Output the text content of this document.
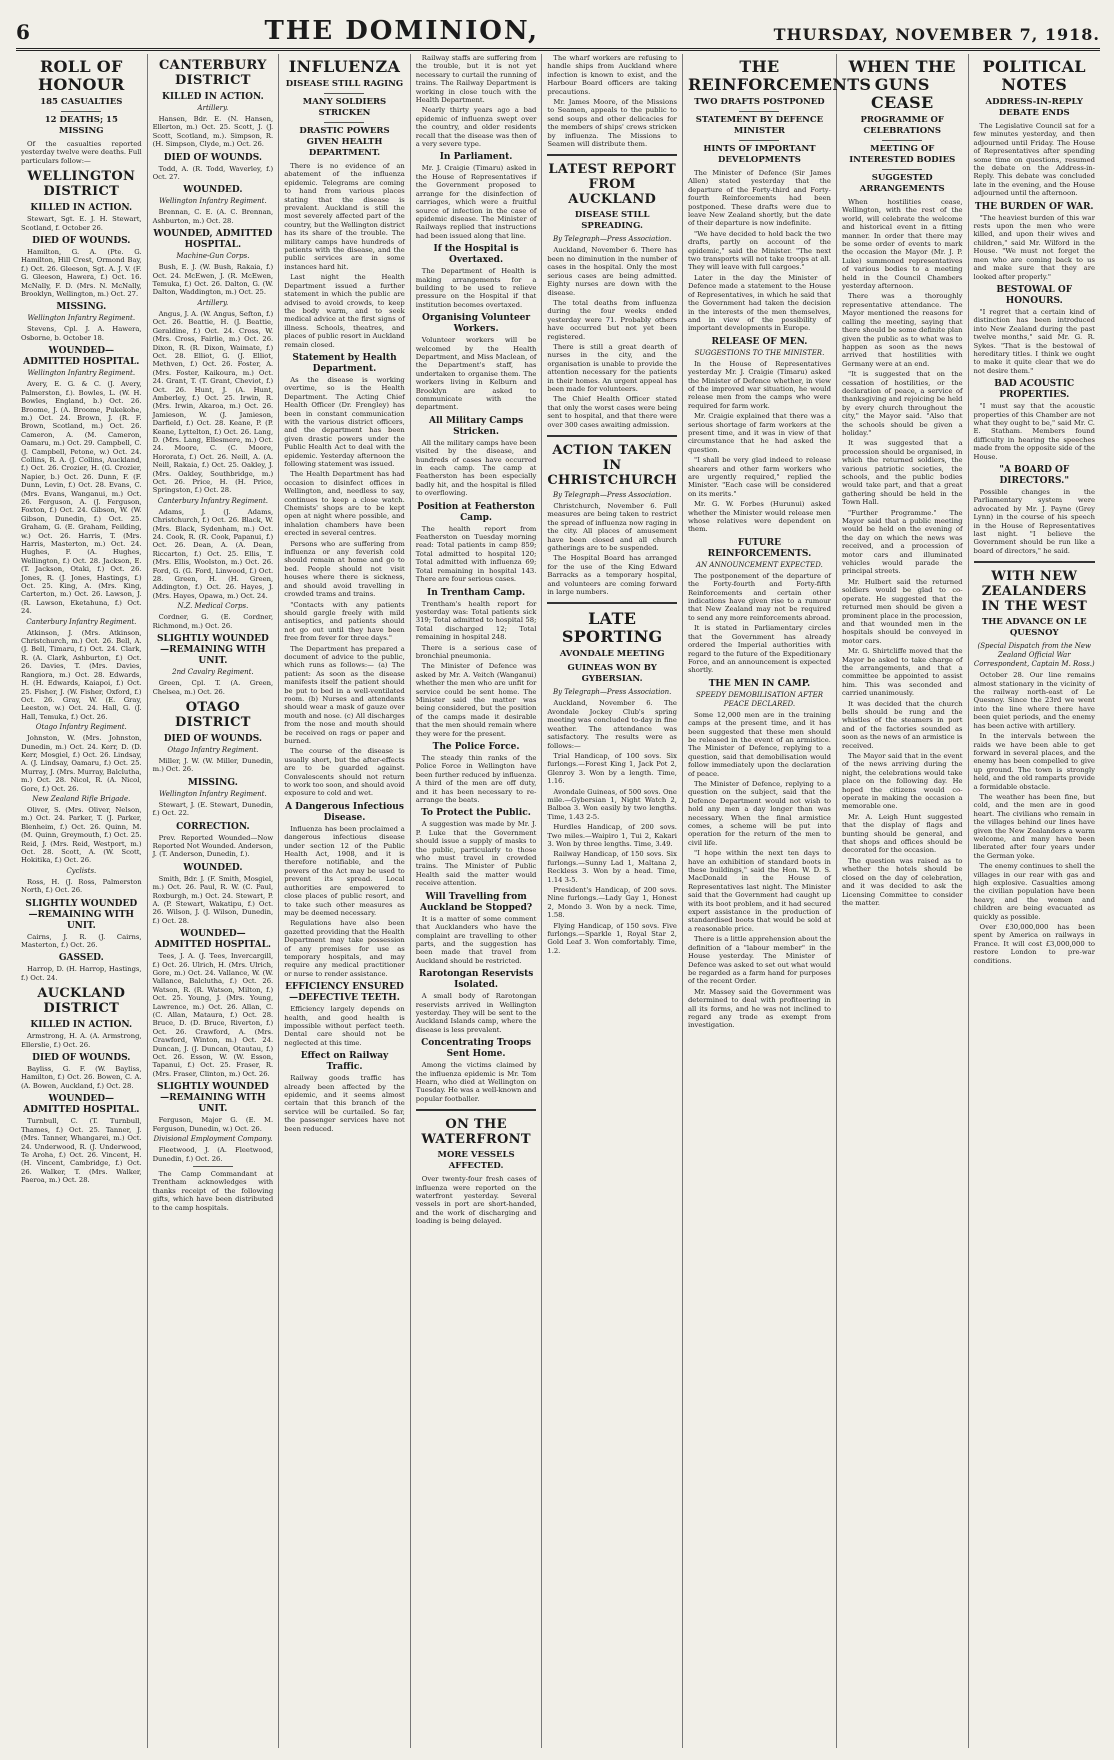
6	THE DOMINION,	THURSDAY, NOVEMBER 7, 1918.
ROLL OF HONOUR
185 CASUALTIES
12 DEATHS; 15 MISSING

Of the casualties reported yesterday twelve were deaths. Full particulars follow:—

WELLINGTON DISTRICT
KILLED IN ACTION.

Stewart, Sgt. E. J. H. Stewart, Scotland, f. October 26.

DIED OF WOUNDS.

Hamilton, G. A. (Pte. G. Hamilton, Hill Crest, Ormond Bay, f.) Oct. 26. Gleeson, Sgt. A. J. V. (F. G. Gleeson, Hawera, f.) Oct. 16. McNally, F. D. (Mrs. N. McNally, Brooklyn, Wellington, m.) Oct. 27.

MISSING.
Wellington Infantry Regiment.

Stevens, Cpl. J. A. Hawera, Osborne, b. October 18.

WOUNDED—ADMITTED HOSPITAL.
Wellington Infantry Regiment.

Avery, E. G. & C. (J. Avery, Palmerston, f.). Bowles, L. (W. H. Bowles, England, b.) Oct. 26. Broome, J. (A. Broome, Pukekohe, m.) Oct. 24. Brown, J. (R. F. Brown, Scotland, m.) Oct. 26. Cameron, A. (M. Cameron, Oamaru, m.) Oct. 29. Campbell, C. (J. Campbell, Petone, w.) Oct. 24. Collins, R. A. (J. Collins, Auckland, f.) Oct. 26. Crozier, H. (G. Crozier, Napier, b.) Oct. 26. Dunn, F. (F. Dunn, Levin, f.) Oct. 28. Evans, C. (Mrs. Evans, Wanganui, m.) Oct. 26. Ferguson, A. (J. Ferguson, Foxton, f.) Oct. 24. Gibson, W. (W. Gibson, Dunedin, f.) Oct. 25. Graham, G. (E. Graham, Feilding, w.) Oct. 26. Harris, T. (Mrs. Harris, Masterton, m.) Oct. 24. Hughes, F. (A. Hughes, Wellington, f.) Oct. 28. Jackson, E. (T. Jackson, Otaki, f.) Oct. 26. Jones, R. (J. Jones, Hastings, f.) Oct. 25. King, A. (Mrs. King, Carterton, m.) Oct. 26. Lawson, J. (R. Lawson, Eketahuna, f.) Oct. 24.

Canterbury Infantry Regiment.

Atkinson, J. (Mrs. Atkinson, Christchurch, m.) Oct. 26. Bell, A. (J. Bell, Timaru, f.) Oct. 24. Clark, R. (A. Clark, Ashburton, f.) Oct. 26. Davies, T. (Mrs. Davies, Rangiora, m.) Oct. 28. Edwards, H. (H. Edwards, Kaiapoi, f.) Oct. 25. Fisher, J. (W. Fisher, Oxford, f.) Oct. 26. Gray, W. (E. Gray, Leeston, w.) Oct. 24. Hall, G. (J. Hall, Temuka, f.) Oct. 26.

Otago Infantry Regiment.

Johnston, W. (Mrs. Johnston, Dunedin, m.) Oct. 24. Kerr, D. (D. Kerr, Mosgiel, f.) Oct. 26. Lindsay, A. (J. Lindsay, Oamaru, f.) Oct. 25. Murray, J. (Mrs. Murray, Balclutha, m.) Oct. 28. Nicol, R. (A. Nicol, Gore, f.) Oct. 26.

New Zealand Rifle Brigade.

Oliver, S. (Mrs. Oliver, Nelson, m.) Oct. 24. Parker, T. (J. Parker, Blenheim, f.) Oct. 26. Quinn, M. (M. Quinn, Greymouth, f.) Oct. 25. Reid, J. (Mrs. Reid, Westport, m.) Oct. 28. Scott, A. (W. Scott, Hokitika, f.) Oct. 26.

Cyclists.

Ross, H. (J. Ross, Palmerston North, f.) Oct. 26.

SLIGHTLY WOUNDED—REMAINING WITH UNIT.

Cairns, J. R. (J. Cairns, Masterton, f.) Oct. 26.

GASSED.

Harrop, D. (H. Harrop, Hastings, f.) Oct. 24.

AUCKLAND DISTRICT
KILLED IN ACTION.

Armstrong, H. A. (A. Armstrong, Ellerslie, f.) Oct. 26.

DIED OF WOUNDS.

Bayliss, G. F. (W. Bayliss, Hamilton, f.) Oct. 26. Bowen, C. A. (A. Bowen, Auckland, f.) Oct. 28.

WOUNDED—ADMITTED HOSPITAL.

Turnbull, C. (T. Turnbull, Thames, f.) Oct. 25. Tanner, J. (Mrs. Tanner, Whangarei, m.) Oct. 24. Underwood, R. (J. Underwood, Te Aroha, f.) Oct. 26. Vincent, H. (H. Vincent, Cambridge, f.) Oct. 26. Walker, T. (Mrs. Walker, Paeroa, m.) Oct. 28.

CANTERBURY DISTRICT
KILLED IN ACTION.
Artillery.

Hansen, Bdr. E. (N. Hansen, Ellerton, m.) Oct. 25. Scott, J. (J. Scott, Scotland, m.). Simpson, R. (H. Simpson, Clyde, m.) Oct. 26.

DIED OF WOUNDS.

Todd, A. (R. Todd, Waverley, f.) Oct. 27.

WOUNDED.
Wellington Infantry Regiment.

Brennan, C. E. (A. C. Brennan, Ashburton, m.) Oct. 28.

WOUNDED, ADMITTED HOSPITAL.
Machine-Gun Corps.

Bush, E. J. (W. Bush, Rakaia, f.) Oct. 24. McEwen, J. (R. McEwen, Temuka, f.) Oct. 26. Dalton, G. (W. Dalton, Waddington, m.) Oct. 25.

Artillery.

Angus, J. A. (W. Angus, Sefton, f.) Oct. 26. Beattie, H. (J. Beattie, Geraldine, f.) Oct. 24. Cross, W. (Mrs. Cross, Fairlie, m.) Oct. 26. Dixon, R. (R. Dixon, Waimate, f.) Oct. 28. Elliot, G. (J. Elliot, Methven, f.) Oct. 26. Foster, A. (Mrs. Foster, Kaikoura, m.) Oct. 24. Grant, T. (T. Grant, Cheviot, f.) Oct. 26. Hunt, J. (A. Hunt, Amberley, f.) Oct. 25. Irwin, R. (Mrs. Irwin, Akaroa, m.) Oct. 26. Jamieson, W. (J. Jamieson, Darfield, f.) Oct. 28. Keane, P. (P. Keane, Lyttelton, f.) Oct. 26. Lang, D. (Mrs. Lang, Ellesmere, m.) Oct. 24. Moore, C. (C. Moore, Hororata, f.) Oct. 26. Neill, A. (A. Neill, Rakaia, f.) Oct. 25. Oakley, J. (Mrs. Oakley, Southbridge, m.) Oct. 26. Price, H. (H. Price, Springston, f.) Oct. 28.

Canterbury Infantry Regiment.

Adams, J. (J. Adams, Christchurch, f.) Oct. 26. Black, W. (Mrs. Black, Sydenham, m.) Oct. 24. Cook, R. (R. Cook, Papanui, f.) Oct. 26. Dean, A. (A. Dean, Riccarton, f.) Oct. 25. Ellis, T. (Mrs. Ellis, Woolston, m.) Oct. 26. Ford, G. (G. Ford, Linwood, f.) Oct. 28. Green, H. (H. Green, Addington, f.) Oct. 26. Hayes, J. (Mrs. Hayes, Opawa, m.) Oct. 24.

N.Z. Medical Corps.

Cordner, G. (E. Cordner, Richmond, m.) Oct. 26.

SLIGHTLY WOUNDED—REMAINING WITH UNIT.
2nd Cavalry Regiment.

Green, Cpl. T. (A. Green, Chelsea, m.) Oct. 26.

OTAGO DISTRICT
DIED OF WOUNDS.
Otago Infantry Regiment.

Miller, J. W. (W. Miller, Dunedin, m.) Oct. 26.

MISSING.
Wellington Infantry Regiment.

Stewart, J. (E. Stewart, Dunedin, f.) Oct. 22.

CORRECTION.

Prev. Reported Wounded—Now Reported Not Wounded. Anderson, J. (T. Anderson, Dunedin, f.).

WOUNDED.

Smith, Bdr. J. (F. Smith, Mosgiel, m.) Oct. 26. Paul, R. W. (C. Paul, Roxburgh, m.) Oct. 24. Stewart, P. A. (P. Stewart, Wakatipu, f.) Oct. 26. Wilson, J. (J. Wilson, Dunedin, f.) Oct. 28.

WOUNDED—ADMITTED HOSPITAL.

Tees, J. A. (J. Tees, Invercargill, f.) Oct. 26. Ulrich, H. (Mrs. Ulrich, Gore, m.) Oct. 24. Vallance, W. (W. Vallance, Balclutha, f.) Oct. 26. Watson, R. (R. Watson, Milton, f.) Oct. 25. Young, J. (Mrs. Young, Lawrence, m.) Oct. 26. Allan, C. (C. Allan, Mataura, f.) Oct. 28. Bruce, D. (D. Bruce, Riverton, f.) Oct. 26. Crawford, A. (Mrs. Crawford, Winton, m.) Oct. 24. Duncan, J. (J. Duncan, Otautau, f.) Oct. 26. Esson, W. (W. Esson, Tapanui, f.) Oct. 25. Fraser, R. (Mrs. Fraser, Clinton, m.) Oct. 26.

SLIGHTLY WOUNDED—REMAINING WITH UNIT.

Ferguson, Major G. (E. M. Ferguson, Dunedin, w.) Oct. 26.

Divisional Employment Company.

Fleetwood, J. (A. Fleetwood, Dunedin, f.) Oct. 26.

The Camp Commandant at Trentham acknowledges with thanks receipt of the following gifts, which have been distributed to the camp hospitals.

INFLUENZA
DISEASE STILL RAGING
MANY SOLDIERS STRICKEN
DRASTIC POWERS GIVEN HEALTH DEPARTMENT.

There is no evidence of an abatement of the influenza epidemic. Telegrams are coming to hand from various places stating that the disease is prevalent. Auckland is still the most severely affected part of the country, but the Wellington district has its share of the trouble. The military camps have hundreds of patients with the disease, and the public services are in some instances hard hit.

Last night the Health Department issued a further statement in which the public are advised to avoid crowds, to keep the body warm, and to seek medical advice at the first signs of illness. Schools, theatres, and places of public resort in Auckland remain closed.

Statement by Health Department.

As the disease is working overtime, so is the Health Department. The Acting Chief Health Officer (Dr. Frengley) has been in constant communication with the various district officers, and the department has been given drastic powers under the Public Health Act to deal with the epidemic. Yesterday afternoon the following statement was issued.

The Health Department has had occasion to disinfect offices in Wellington, and, needless to say, continues to keep a close watch. Chemists' shops are to be kept open at night where possible, and inhalation chambers have been erected in several centres.

Persons who are suffering from influenza or any feverish cold should remain at home and go to bed. People should not visit houses where there is sickness, and should avoid travelling in crowded trams and trains.

"Contacts with any patients should gargle freely with mild antiseptics, and patients should not go out until they have been free from fever for three days."

The Department has prepared a document of advice to the public, which runs as follows:— (a) The patient: As soon as the disease manifests itself the patient should be put to bed in a well-ventilated room. (b) Nurses and attendants should wear a mask of gauze over mouth and nose. (c) All discharges from the nose and mouth should be received on rags or paper and burned.

The course of the disease is usually short, but the after-effects are to be guarded against. Convalescents should not return to work too soon, and should avoid exposure to cold and wet.

A Dangerous Infectious Disease.

Influenza has been proclaimed a dangerous infectious disease under section 12 of the Public Health Act, 1908, and it is therefore notifiable, and the powers of the Act may be used to prevent its spread. Local authorities are empowered to close places of public resort, and to take such other measures as may be deemed necessary.

Regulations have also been gazetted providing that the Health Department may take possession of any premises for use as temporary hospitals, and may require any medical practitioner or nurse to render assistance.

EFFICIENCY ENSURED—DEFECTIVE TEETH.

Efficiency largely depends on health, and good health is impossible without perfect teeth. Dental care should not be neglected at this time.

Effect on Railway Traffic.

Railway goods traffic has already been affected by the epidemic, and it seems almost certain that this branch of the service will be curtailed. So far, the passenger services have not been reduced.

Railway staffs are suffering from the trouble, but it is not yet necessary to curtail the running of trains. The Railway Department is working in close touch with the Health Department.

Nearly thirty years ago a bad epidemic of influenza swept over the country, and older residents recall that the disease was then of a very severe type.

In Parliament.

Mr. J. Craigie (Timaru) asked in the House of Representatives if the Government proposed to arrange for the disinfection of carriages, which were a fruitful source of infection in the case of epidemic disease. The Minister of Railways replied that instructions had been issued along that line.

If the Hospital is Overtaxed.

The Department of Health is making arrangements for a building to be used to relieve pressure on the Hospital if that institution becomes overtaxed.

Organising Volunteer Workers.

Volunteer workers will be welcomed by the Health Department, and Miss Maclean, of the Department's staff, has undertaken to organise them. The workers living in Kelburn and Brooklyn are asked to communicate with the department.

All Military Camps Stricken.

All the military camps have been visited by the disease, and hundreds of cases have occurred in each camp. The camp at Featherston has been especially badly hit, and the hospital is filled to overflowing.

Position at Featherston Camp.

The health report from Featherston on Tuesday morning read: Total patients in camp 859; Total admitted to hospital 120; Total admitted with influenza 69; Total remaining in hospital 143. There are four serious cases.

In Trentham Camp.

Trentham's health report for yesterday was: Total patients sick 319; Total admitted to hospital 58; Total discharged 12; Total remaining in hospital 248.

There is a serious case of bronchial pneumonia.

The Minister of Defence was asked by Mr. A. Veitch (Wanganui) whether the men who are unfit for service could be sent home. The Minister said the matter was being considered, but the position of the camps made it desirable that the men should remain where they were for the present.

The Police Force.

The steady thin ranks of the Police Force in Wellington have been further reduced by influenza. A third of the men are off duty, and it has been necessary to re-arrange the beats.

To Protect the Public.

A suggestion was made by Mr. J. P. Luke that the Government should issue a supply of masks to the public, particularly to those who must travel in crowded trains. The Minister of Public Health said the matter would receive attention.

Will Travelling from Auckland be Stopped?

It is a matter of some comment that Aucklanders who have the complaint are travelling to other parts, and the suggestion has been made that travel from Auckland should be restricted.

Rarotongan Reservists Isolated.

A small body of Rarotongan reservists arrived in Wellington yesterday. They will be sent to the Auckland Islands camp, where the disease is less prevalent.

Concentrating Troops Sent Home.

Among the victims claimed by the influenza epidemic is Mr. Tom Hearn, who died at Wellington on Tuesday. He was a well-known and popular footballer.

ON THE WATERFRONT
MORE VESSELS AFFECTED.

Over twenty-four fresh cases of influenza were reported on the waterfront yesterday. Several vessels in port are short-handed, and the work of discharging and loading is being delayed.

The wharf workers are refusing to handle ships from Auckland where infection is known to exist, and the Harbour Board officers are taking precautions.

Mr. James Moore, of the Missions to Seamen, appeals to the public to send soups and other delicacies for the members of ships' crews stricken by influenza. The Missions to Seamen will distribute them.

LATEST REPORT FROM AUCKLAND
DISEASE STILL SPREADING.
By Telegraph—Press Association.

Auckland, November 6. There has been no diminution in the number of cases in the hospital. Only the most serious cases are being admitted. Eighty nurses are down with the disease.

The total deaths from influenza during the four weeks ended yesterday were 71. Probably others have occurred but not yet been registered.

There is still a great dearth of nurses in the city, and the organisation is unable to provide the attention necessary for the patients in their homes. An urgent appeal has been made for volunteers.

The Chief Health Officer stated that only the worst cases were being sent to hospital, and that there were over 300 cases awaiting admission.

ACTION TAKEN IN CHRISTCHURCH
By Telegraph—Press Association.

Christchurch, November 6. Full measures are being taken to restrict the spread of influenza now raging in the city. All places of amusement have been closed and all church gatherings are to be suspended.

The Hospital Board has arranged for the use of the King Edward Barracks as a temporary hospital, and volunteers are coming forward in large numbers.

LATE SPORTING
AVONDALE MEETING
GUINEAS WON BY GYBERSIAN.
By Telegraph—Press Association.

Auckland, November 6. The Avondale Jockey Club's spring meeting was concluded to-day in fine weather. The attendance was satisfactory. The results were as follows:—

Trial Handicap, of 100 sovs. Six furlongs.—Forest King 1, Jack Pot 2, Glenroy 3. Won by a length. Time, 1.16.

Avondale Guineas, of 500 sovs. One mile.—Gybersian 1, Night Watch 2, Balboa 3. Won easily by two lengths. Time, 1.43 2-5.

Hurdles Handicap, of 200 sovs. Two miles.—Waipiro 1, Tui 2, Kakari 3. Won by three lengths. Time, 3.49.

Railway Handicap, of 150 sovs. Six furlongs.—Sunny Lad 1, Maltana 2, Reckless 3. Won by a head. Time, 1.14 3-5.

President's Handicap, of 200 sovs. Nine furlongs.—Lady Gay 1, Honest 2, Mondo 3. Won by a neck. Time, 1.58.

Flying Handicap, of 150 sovs. Five furlongs.—Sparkle 1, Royal Star 2, Gold Leaf 3. Won comfortably. Time, 1.2.

THE REINFORCEMENTS
TWO DRAFTS POSTPONED
STATEMENT BY DEFENCE MINISTER
HINTS OF IMPORTANT DEVELOPMENTS

The Minister of Defence (Sir James Allen) stated yesterday that the departure of the Forty-third and Forty-fourth Reinforcements had been postponed. These drafts were due to leave New Zealand shortly, but the date of their departure is now indefinite.

"We have decided to hold back the two drafts, partly on account of the epidemic," said the Minister. "The next two transports will not take troops at all. They will leave with full cargoes."

Later in the day the Minister of Defence made a statement to the House of Representatives, in which he said that the Government had taken the decision in the interests of the men themselves, and in view of the possibility of important developments in Europe.

RELEASE OF MEN.
SUGGESTIONS TO THE MINISTER.

In the House of Representatives yesterday Mr. J. Craigie (Timaru) asked the Minister of Defence whether, in view of the improved war situation, he would release men from the camps who were required for farm work.

Mr. Craigie explained that there was a serious shortage of farm workers at the present time, and it was in view of that circumstance that he had asked the question.

"I shall be very glad indeed to release shearers and other farm workers who are urgently required," replied the Minister. "Each case will be considered on its merits."

Mr. G. W. Forbes (Hurunui) asked whether the Minister would release men whose relatives were dependent on them.

FUTURE REINFORCEMENTS.
AN ANNOUNCEMENT EXPECTED.

The postponement of the departure of the Forty-fourth and Forty-fifth Reinforcements and certain other indications have given rise to a rumour that New Zealand may not be required to send any more reinforcements abroad.

It is stated in Parliamentary circles that the Government has already ordered the Imperial authorities with regard to the future of the Expeditionary Force, and an announcement is expected shortly.

THE MEN IN CAMP.
SPEEDY DEMOBILISATION AFTER PEACE DECLARED.

Some 12,000 men are in the training camps at the present time, and it has been suggested that these men should be released in the event of an armistice. The Minister of Defence, replying to a question, said that demobilisation would follow immediately upon the declaration of peace.

The Minister of Defence, replying to a question on the subject, said that the Defence Department would not wish to hold any men a day longer than was necessary. When the final armistice comes, a scheme will be put into operation for the return of the men to civil life.

"I hope within the next ten days to have an exhibition of standard boots in these buildings," said the Hon. W. D. S. MacDonald in the House of Representatives last night. The Minister said that the Government had caught up with its boot problem, and it had secured expert assistance in the production of standardised boots that would be sold at a reasonable price.

There is a little apprehension about the definition of a "labour member" in the House yesterday. The Minister of Defence was asked to set out what would be regarded as a farm hand for purposes of the recent Order.

Mr. Massey said the Government was determined to deal with profiteering in all its forms, and he was not inclined to regard any trade as exempt from investigation.

WHEN THE GUNS CEASE
PROGRAMME OF CELEBRATIONS
MEETING OF INTERESTED BODIES
SUGGESTED ARRANGEMENTS

When hostilities cease, Wellington, with the rest of the world, will celebrate the welcome and historical event in a fitting manner. In order that there may be some order of events to mark the occasion the Mayor (Mr. J. P. Luke) summoned representatives of various bodies to a meeting held in the Council Chambers yesterday afternoon.

There was a thoroughly representative attendance. The Mayor mentioned the reasons for calling the meeting, saying that there should be some definite plan given the public as to what was to happen as soon as the news arrived that hostilities with Germany were at an end.

"It is suggested that on the cessation of hostilities, or the declaration of peace, a service of thanksgiving and rejoicing be held by every church throughout the city," the Mayor said. "Also that the schools should be given a holiday."

It was suggested that a procession should be organised, in which the returned soldiers, the various patriotic societies, the schools, and the public bodies would take part, and that a great gathering should be held in the Town Hall.

"Further Programme." The Mayor said that a public meeting would be held on the evening of the day on which the news was received, and a procession of motor cars and illuminated vehicles would parade the principal streets.

Mr. Hulbert said the returned soldiers would be glad to co-operate. He suggested that the returned men should be given a prominent place in the procession, and that wounded men in the hospitals should be conveyed in motor cars.

Mr. G. Shirtcliffe moved that the Mayor be asked to take charge of the arrangements, and that a committee be appointed to assist him. This was seconded and carried unanimously.

It was decided that the church bells should be rung and the whistles of the steamers in port and of the factories sounded as soon as the news of an armistice is received.

The Mayor said that in the event of the news arriving during the night, the celebrations would take place on the following day. He hoped the citizens would co-operate in making the occasion a memorable one.

Mr. A. Leigh Hunt suggested that the display of flags and bunting should be general, and that shops and offices should be decorated for the occasion.

The question was raised as to whether the hotels should be closed on the day of celebration, and it was decided to ask the Licensing Committee to consider the matter.

POLITICAL NOTES
ADDRESS-IN-REPLY DEBATE ENDS

The Legislative Council sat for a few minutes yesterday, and then adjourned until Friday. The House of Representatives after spending some time on questions, resumed the debate on the Address-in-Reply. This debate was concluded late in the evening, and the House adjourned until the afternoon.

THE BURDEN OF WAR.

"The heaviest burden of this war rests upon the men who were killed, and upon their wives and children," said Mr. Wilford in the House. "We must not forget the men who are coming back to us and make sure that they are looked after properly."

BESTOWAL OF HONOURS.

"I regret that a certain kind of distinction has been introduced into New Zealand during the past twelve months," said Mr. G. R. Sykes. "That is the bestowal of hereditary titles. I think we ought to make it quite clear that we do not desire them."

BAD ACOUSTIC PROPERTIES.

"I must say that the acoustic properties of this Chamber are not what they ought to be," said Mr. C. E. Statham. Members found difficulty in hearing the speeches made from the opposite side of the House.

"A BOARD OF DIRECTORS."

Possible changes in the Parliamentary system were advocated by Mr. J. Payne (Grey Lynn) in the course of his speech in the House of Representatives last night. "I believe the Government should be run like a board of directors," he said.

WITH NEW ZEALANDERS IN THE WEST
THE ADVANCE ON LE QUESNOY
(Special Dispatch from the New Zealand Official War Correspondent, Captain M. Ross.)

October 28. Our line remains almost stationary in the vicinity of the railway north-east of Le Quesnoy. Since the 23rd we went into the line where there have been quiet periods, and the enemy has been active with artillery.

In the intervals between the raids we have been able to get forward in several places, and the enemy has been compelled to give up ground. The town is strongly held, and the old ramparts provide a formidable obstacle.

The weather has been fine, but cold, and the men are in good heart. The civilians who remain in the villages behind our lines have given the New Zealanders a warm welcome, and many have been liberated after four years under the German yoke.

The enemy continues to shell the villages in our rear with gas and high explosive. Casualties among the civilian population have been heavy, and the women and children are being evacuated as quickly as possible.

Over £30,000,000 has been spent by America on railways in France. It will cost £3,000,000 to restore London to pre-war conditions.
